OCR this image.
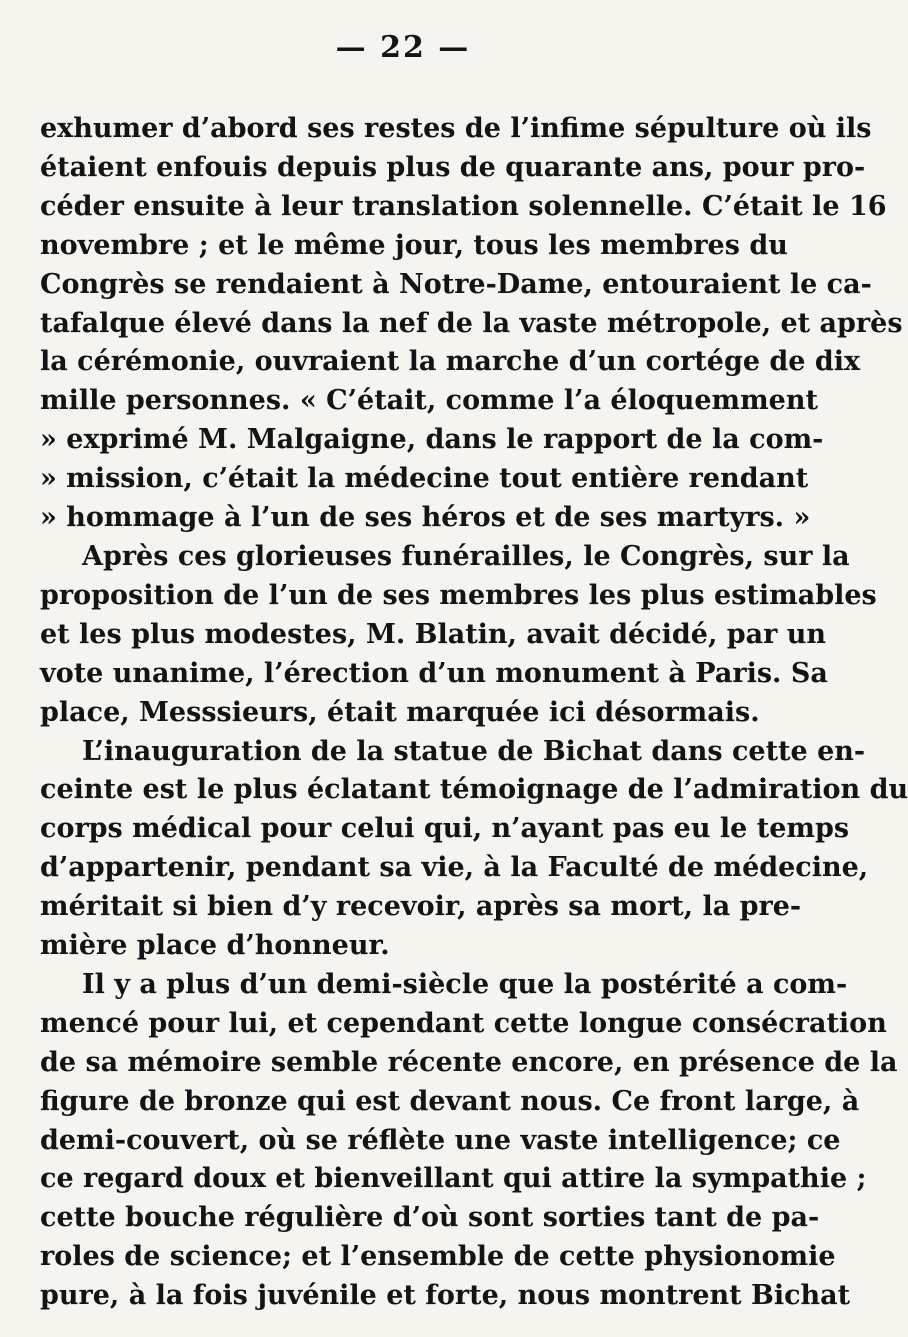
— 22 —
exhumer d’abord ses restes de l’infime sépulture où ils
étaient enfouis depuis plus de quarante ans, pour pro-
céder ensuite à leur translation solennelle. C’était le 16
novembre ; et le même jour, tous les membres du
Congrès se rendaient à Notre-Dame, entouraient le ca-
tafalque élevé dans la nef de la vaste métropole, et après
la cérémonie, ouvraient la marche d’un cortége de dix
mille personnes. « C’était, comme l’a éloquemment
» exprimé M. Malgaigne, dans le rapport de la com-
» mission, c’était la médecine tout entière rendant
» hommage à l’un de ses héros et de ses martyrs. »
Après ces glorieuses funérailles, le Congrès, sur la
proposition de l’un de ses membres les plus estimables
et les plus modestes, M. Blatin, avait décidé, par un
vote unanime, l’érection d’un monument à Paris. Sa
place, Messsieurs, était marquée ici désormais.
L’inauguration de la statue de Bichat dans cette en-
ceinte est le plus éclatant témoignage de l’admiration du
corps médical pour celui qui, n’ayant pas eu le temps
d’appartenir, pendant sa vie, à la Faculté de médecine,
méritait si bien d’y recevoir, après sa mort, la pre-
mière place d’honneur.
Il y a plus d’un demi-siècle que la postérité a com-
mencé pour lui, et cependant cette longue consécration
de sa mémoire semble récente encore, en présence de la
figure de bronze qui est devant nous. Ce front large, à
demi-couvert, où se réflète une vaste intelligence; ce
ce regard doux et bienveillant qui attire la sympathie ;
cette bouche régulière d’où sont sorties tant de pa-
roles de science; et l’ensemble de cette physionomie
pure, à la fois juvénile et forte, nous montrent Bichat
